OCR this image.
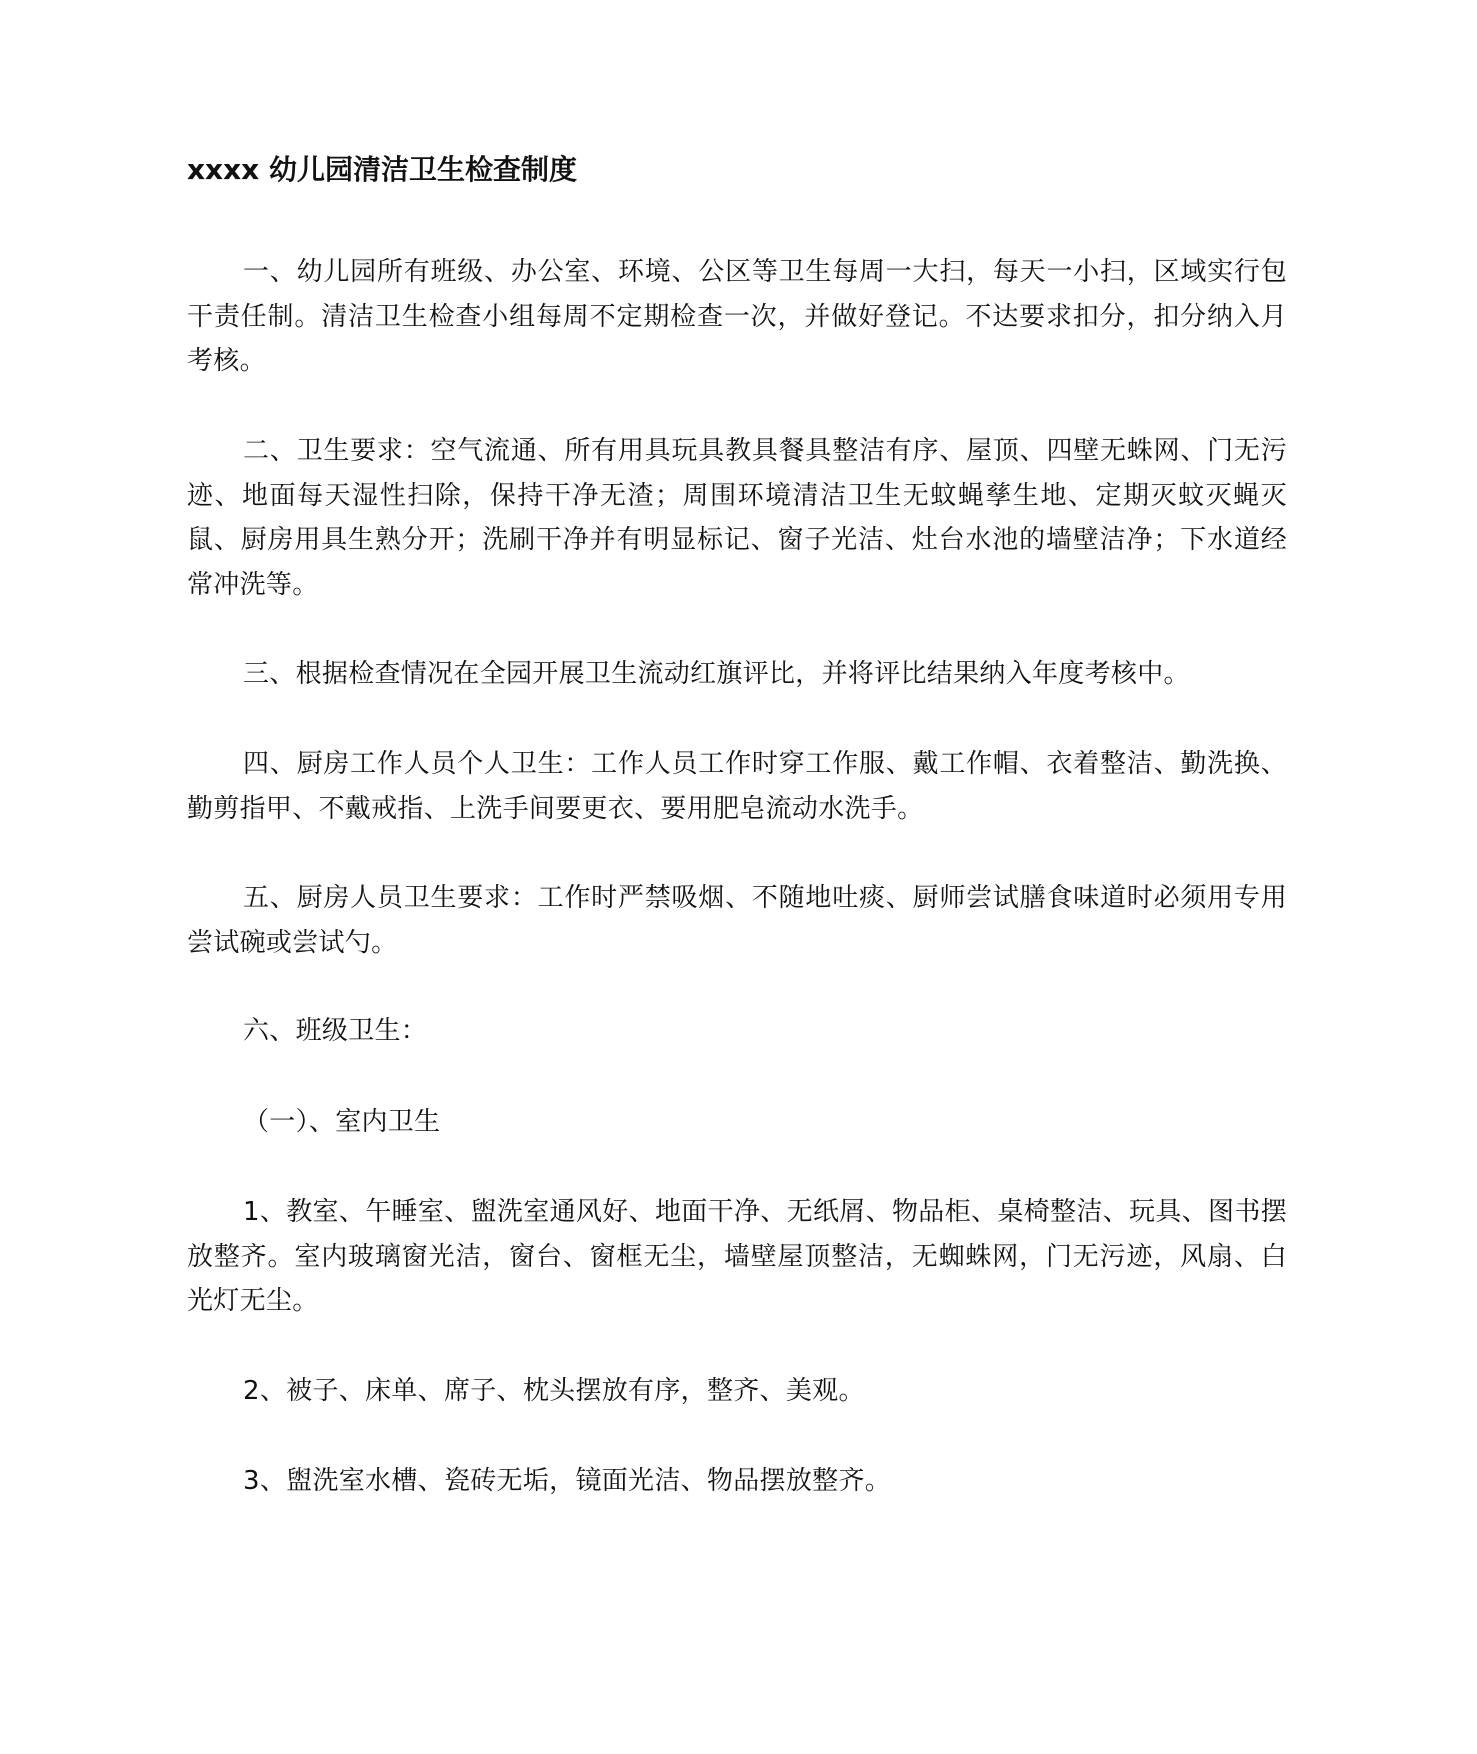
xxxx 幼儿园清洁卫生检查制度

一、幼儿园所有班级、办公室、环境、公区等卫生每周一大扫，每天一小扫，区域实行包干责任制。清洁卫生检查小组每周不定期检查一次，并做好登记。不达要求扣分，扣分纳入月考核。

二、卫生要求：空气流通、所有用具玩具教具餐具整洁有序、屋顶、四壁无蛛网、门无污迹、地面每天湿性扫除，保持干净无渣；周围环境清洁卫生无蚊蝇孳生地、定期灭蚊灭蝇灭鼠、厨房用具生熟分开；洗刷干净并有明显标记、窗子光洁、灶台水池的墙壁洁净；下水道经常冲洗等。

三、根据检查情况在全园开展卫生流动红旗评比，并将评比结果纳入年度考核中。

四、厨房工作人员个人卫生：工作人员工作时穿工作服、戴工作帽、衣着整洁、勤洗换、勤剪指甲、不戴戒指、上洗手间要更衣、要用肥皂流动水洗手。

五、厨房人员卫生要求：工作时严禁吸烟、不随地吐痰、厨师尝试膳食味道时必须用专用尝试碗或尝试勺。

六、班级卫生：

（一）、室内卫生

1、教室、午睡室、盥洗室通风好、地面干净、无纸屑、物品柜、桌椅整洁、玩具、图书摆放整齐。室内玻璃窗光洁，窗台、窗框无尘，墙壁屋顶整洁，无蜘蛛网，门无污迹，风扇、白光灯无尘。

2、被子、床单、席子、枕头摆放有序，整齐、美观。

3、盥洗室水槽、瓷砖无垢，镜面光洁、物品摆放整齐。
